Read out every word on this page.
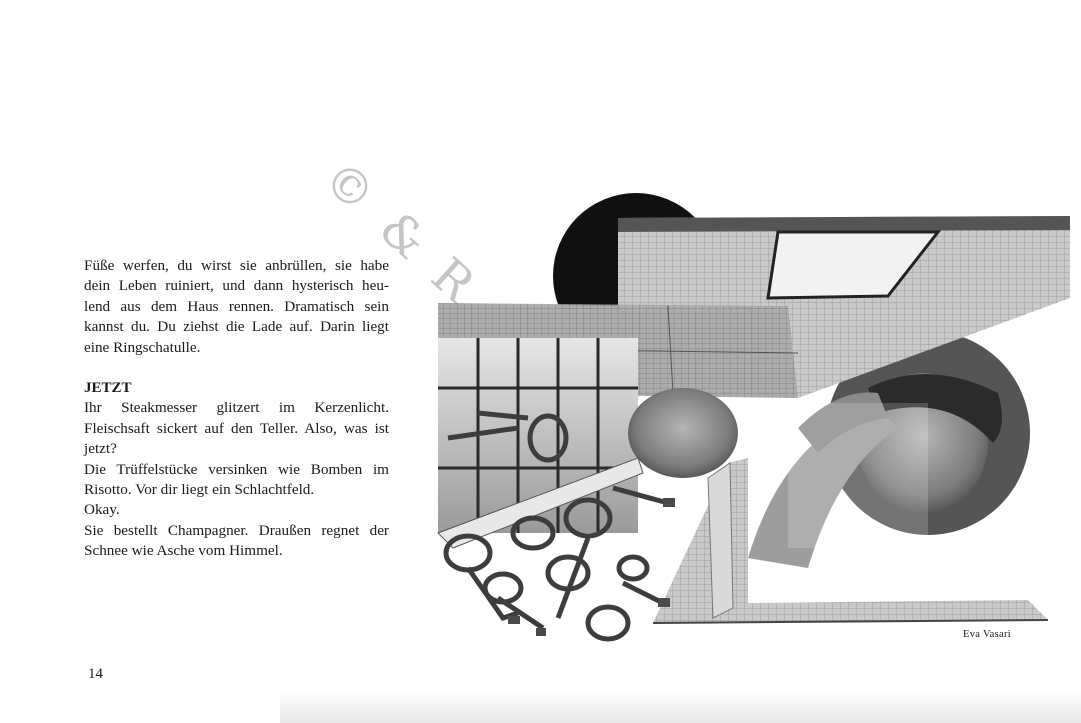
Füße werfen, du wirst sie anbrüllen, sie habe
dein Leben ruiniert, und dann hysterisch heu-
lend aus dem Haus rennen. Dramatisch sein
kannst du. Du ziehst die Lade auf. Darin liegt
eine Ringschatulle.

JETZT

Ihr Steakmesser glitzert im Kerzenlicht.
Fleischsaft sickert auf den Teller. Also, was ist
jetzt?

Die Trüffelstücke versinken wie Bomben im
Risotto. Vor dir liegt ein Schlachtfeld.

Okay.

Sie bestellt Champagner. Draußen regnet der
Schnee wie Asche vom Himmel.

© & R
Eva Vasari
14
